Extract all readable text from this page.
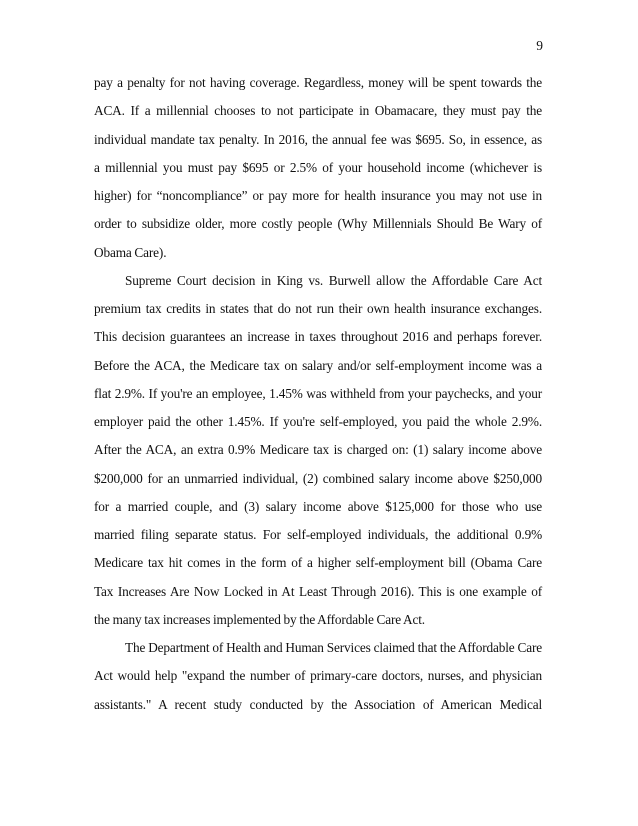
9
pay a penalty for not having coverage. Regardless, money will be spent towards the
ACA. If a millennial chooses to not participate in Obamacare, they must pay the
individual mandate tax penalty. In 2016, the annual fee was $695. So, in essence, as
a millennial you must pay $695 or 2.5% of your household income (whichever is
higher) for “noncompliance” or pay more for health insurance you may not use in
order to subsidize older, more costly people (Why Millennials Should Be Wary of
Obama Care).
Supreme Court decision in King vs. Burwell allow the Affordable Care Act
premium tax credits in states that do not run their own health insurance exchanges.
This decision guarantees an increase in taxes throughout 2016 and perhaps forever.
Before the ACA, the Medicare tax on salary and/or self-employment income was a
flat 2.9%. If you're an employee, 1.45% was withheld from your paychecks, and your
employer paid the other 1.45%. If you're self-employed, you paid the whole 2.9%.
After the ACA, an extra 0.9% Medicare tax is charged on: (1) salary income above
$200,000 for an unmarried individual, (2) combined salary income above $250,000
for a married couple, and (3) salary income above $125,000 for those who use
married filing separate status. For self-employed individuals, the additional 0.9%
Medicare tax hit comes in the form of a higher self-employment bill (Obama Care
Tax Increases Are Now Locked in At Least Through 2016). This is one example of
the many tax increases implemented by the Affordable Care Act.
The Department of Health and Human Services claimed that the Affordable Care
Act would help "expand the number of primary-care doctors, nurses, and physician
assistants." A recent study conducted by the Association of American Medical
